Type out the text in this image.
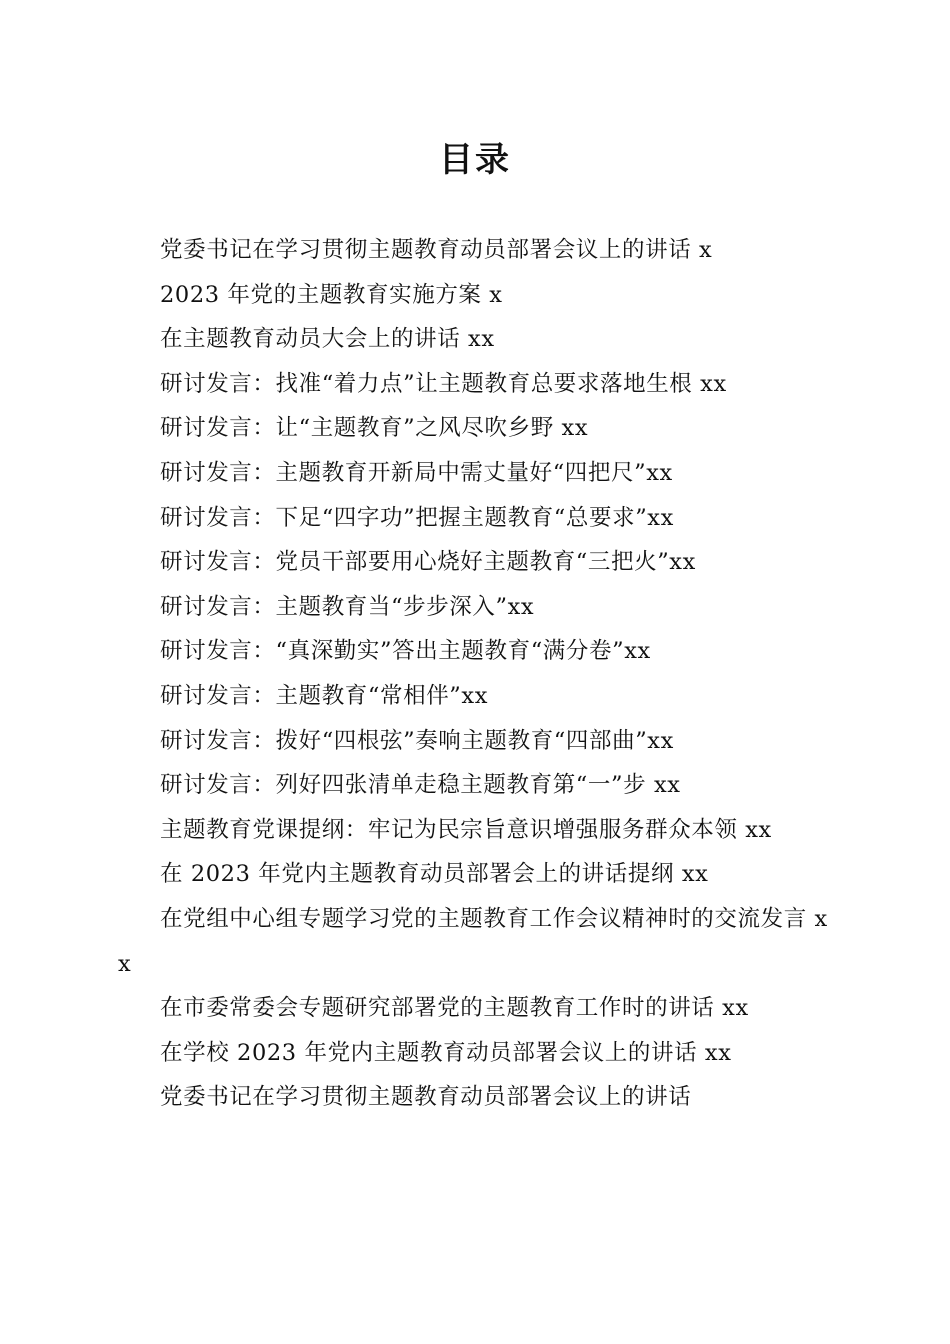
目录
党委书记在学习贯彻主题教育动员部署会议上的讲话 x
2023 年党的主题教育实施方案 x
在主题教育动员大会上的讲话 xx
研讨发言：找准“着力点”让主题教育总要求落地生根 xx
研讨发言：让“主题教育”之风尽吹乡野 xx
研讨发言：主题教育开新局中需丈量好“四把尺”xx
研讨发言：下足“四字功”把握主题教育“总要求”xx
研讨发言：党员干部要用心烧好主题教育“三把火”xx
研讨发言：主题教育当“步步深入”xx
研讨发言：“真深勤实”答出主题教育“满分卷”xx
研讨发言：主题教育“常相伴”xx
研讨发言：拨好“四根弦”奏响主题教育“四部曲”xx
研讨发言：列好四张清单走稳主题教育第“一”步 xx
主题教育党课提纲：牢记为民宗旨意识增强服务群众本领 xx
在 2023 年党内主题教育动员部署会上的讲话提纲 xx
在党组中心组专题学习党的主题教育工作会议精神时的交流发言 xx
在市委常委会专题研究部署党的主题教育工作时的讲话 xx
在学校 2023 年党内主题教育动员部署会议上的讲话 xx
党委书记在学习贯彻主题教育动员部署会议上的讲话
